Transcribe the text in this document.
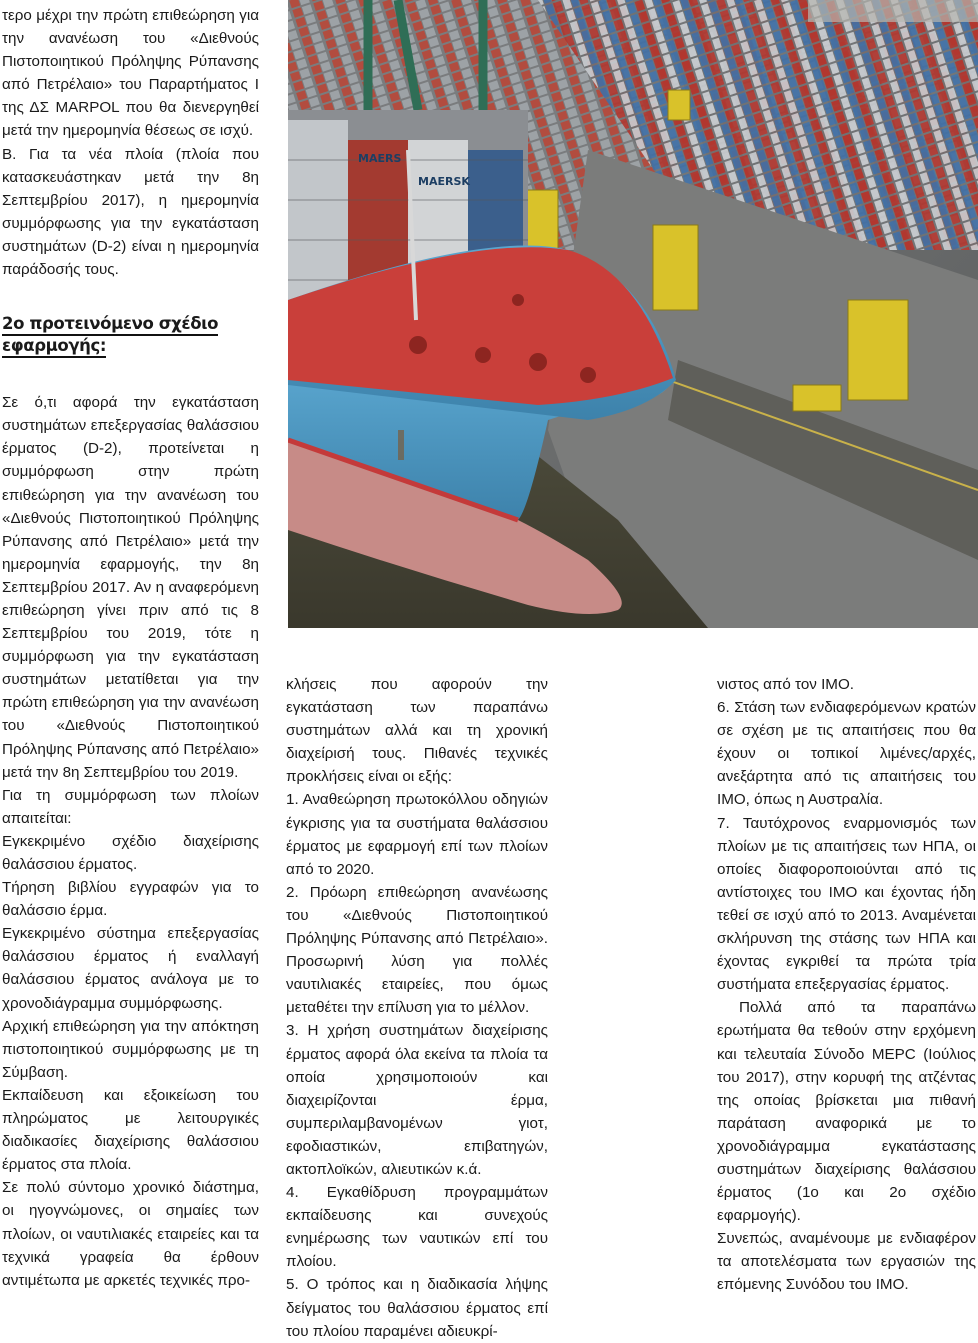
τερο μέχρι την πρώτη επιθεώρηση για την ανανέωση του «Διεθνούς Πιστοποιητικού Πρόληψης Ρύπανσης από Πετρέλαιο» του Παραρτήματος Ι της ΔΣ MARPOL που θα διενεργηθεί μετά την ημερομηνία θέσεως σε ισχύ.

Β. Για τα νέα πλοία (πλοία που κατασκευάστηκαν μετά την 8η Σεπτεμβρίου 2017), η ημερομηνία συμμόρφωσης για την εγκατάσταση συστημάτων (D-2) είναι η ημερομηνία παράδοσής τους.

2ο προτεινόμενο σχέδιο εφαρμογής:

Σε ό,τι αφορά την εγκατάσταση συστημάτων επεξεργασίας θαλάσσιου έρματος (D-2), προτείνεται η συμμόρφωση στην πρώτη επιθεώρηση για την ανανέωση του «Διεθνούς Πιστοποιητικού Πρόληψης Ρύπανσης από Πετρέλαιο» μετά την ημερομηνία εφαρμογής, την 8η Σεπτεμβρίου 2017. Αν η αναφερόμενη επιθεώρηση γίνει πριν από τις 8 Σεπτεμβρίου του 2019, τότε η συμμόρφωση για την εγκατάσταση συστημάτων μετατίθεται για την πρώτη επιθεώρηση για την ανανέωση του «Διεθνούς Πιστοποιητικού Πρόληψης Ρύπανσης από Πετρέλαιο» μετά την 8η Σεπτεμβρίου του 2019.

Για τη συμμόρφωση των πλοίων απαιτείται:

Εγκεκριμένο σχέδιο διαχείρισης θαλάσσιου έρματος.

Τήρηση βιβλίου εγγραφών για το θαλάσσιο έρμα.

Εγκεκριμένο σύστημα επεξεργασίας θαλάσσιου έρματος ή εναλλαγή θαλάσσιου έρματος ανάλογα με το χρονοδιάγραμμα συμμόρφωσης.

Αρχική επιθεώρηση για την απόκτηση πιστοποιητικού συμμόρφωσης με τη Σύμβαση.

Εκπαίδευση και εξοικείωση του πληρώματος με λειτουργικές διαδικασίες διαχείρισης θαλάσσιου έρματος στα πλοία.

Σε πολύ σύντομο χρονικό διάστημα, οι ηγογνώμονες, οι σημαίες των πλοίων, οι ναυτιλιακές εταιρείες και τα τεχνικά γραφεία θα έρθουν αντιμέτωπα με αρκετές τεχνικές προ-

MAERS
MAERSK

κλήσεις που αφορούν την εγκατάσταση των παραπάνω συστημάτων αλλά και τη χρονική διαχείρισή τους. Πιθανές τεχνικές προκλήσεις είναι οι εξής:

1. Αναθεώρηση πρωτοκόλλου οδηγιών έγκρισης για τα συστήματα θαλάσσιου έρματος με εφαρμογή επί των πλοίων από το 2020.

2. Πρόωρη επιθεώρηση ανανέωσης του «Διεθνούς Πιστοποιητικού Πρόληψης Ρύπανσης από Πετρέλαιο». Προσωρινή λύση για πολλές ναυτιλιακές εταιρείες, που όμως μεταθέτει την επίλυση για το μέλλον.

3. Η χρήση συστημάτων διαχείρισης έρματος αφορά όλα εκείνα τα πλοία τα οποία χρησιμοποιούν και διαχειρίζονται έρμα, συμπεριλαμβανομένων γιοτ, εφοδιαστικών, επιβατηγών, ακτοπλοϊκών, αλιευτικών κ.ά.

4. Εγκαθίδρυση προγραμμάτων εκπαίδευσης και συνεχούς ενημέρωσης των ναυτικών επί του πλοίου.

5. Ο τρόπος και η διαδικασία λήψης δείγματος του θαλάσσιου έρματος επί του πλοίου παραμένει αδιευκρί-

νιστος από τον ΙΜΟ.

6. Στάση των ενδιαφερόμενων κρατών σε σχέση με τις απαιτήσεις που θα έχουν οι τοπικοί λιμένες/αρχές, ανεξάρτητα από τις απαιτήσεις του ΙΜΟ, όπως η Αυστραλία.

7. Ταυτόχρονος εναρμονισμός των πλοίων με τις απαιτήσεις των ΗΠΑ, οι οποίες διαφοροποιούνται από τις αντίστοιχες του ΙΜΟ και έχοντας ήδη τεθεί σε ισχύ από το 2013. Αναμένεται σκλήρυνση της στάσης των ΗΠΑ και έχοντας εγκριθεί τα πρώτα τρία συστήματα επεξεργασίας έρματος.

Πολλά από τα παραπάνω ερωτήματα θα τεθούν στην ερχόμενη και τελευταία Σύνοδο MEPC (Ιούλιος του 2017), στην κορυφή της ατζέντας της οποίας βρίσκεται μια πιθανή παράταση αναφορικά με το χρονοδιάγραμμα εγκατάστασης συστημάτων διαχείρισης θαλάσσιου έρματος (1ο και 2ο σχέδιο εφαρμογής).

Συνεπώς, αναμένουμε με ενδιαφέρον τα αποτελέσματα των εργασιών της επόμενης Συνόδου του ΙΜΟ.
